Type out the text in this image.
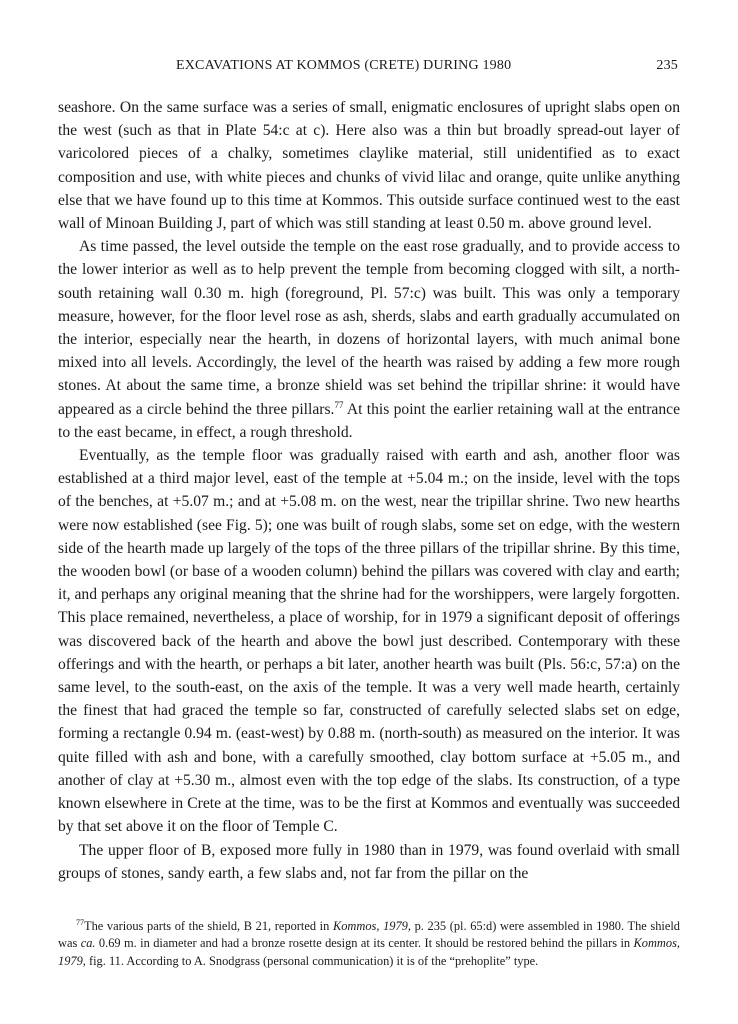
EXCAVATIONS AT KOMMOS (CRETE) DURING 1980	235

seashore. On the same surface was a series of small, enigmatic enclosures of upright slabs open on the west (such as that in Plate 54:c at c). Here also was a thin but broadly spread-out layer of varicolored pieces of a chalky, sometimes claylike material, still unidentified as to exact composition and use, with white pieces and chunks of vivid lilac and orange, quite unlike anything else that we have found up to this time at Kommos. This outside surface continued west to the east wall of Minoan Building J, part of which was still standing at least 0.50 m. above ground level.

As time passed, the level outside the temple on the east rose gradually, and to provide access to the lower interior as well as to help prevent the temple from becoming clogged with silt, a north-south retaining wall 0.30 m. high (foreground, Pl. 57:c) was built. This was only a temporary measure, however, for the floor level rose as ash, sherds, slabs and earth gradually accumulated on the interior, especially near the hearth, in dozens of horizontal layers, with much animal bone mixed into all levels. Accordingly, the level of the hearth was raised by adding a few more rough stones. At about the same time, a bronze shield was set behind the tripillar shrine: it would have appeared as a circle behind the three pillars.$^{77}$ At this point the earlier retaining wall at the entrance to the east became, in effect, a rough threshold.

Eventually, as the temple floor was gradually raised with earth and ash, another floor was established at a third major level, east of the temple at +5.04 m.; on the inside, level with the tops of the benches, at +5.07 m.; and at +5.08 m. on the west, near the tripillar shrine. Two new hearths were now established (see Fig. 5); one was built of rough slabs, some set on edge, with the western side of the hearth made up largely of the tops of the three pillars of the tripillar shrine. By this time, the wooden bowl (or base of a wooden column) behind the pillars was covered with clay and earth; it, and perhaps any original meaning that the shrine had for the worshippers, were largely forgotten. This place remained, nevertheless, a place of worship, for in 1979 a significant deposit of offerings was discovered back of the hearth and above the bowl just described. Contemporary with these offerings and with the hearth, or perhaps a bit later, another hearth was built (Pls. 56:c, 57:a) on the same level, to the south-east, on the axis of the temple. It was a very well made hearth, certainly the finest that had graced the temple so far, constructed of carefully selected slabs set on edge, forming a rectangle 0.94 m. (east-west) by 0.88 m. (north-south) as measured on the interior. It was quite filled with ash and bone, with a carefully smoothed, clay bottom surface at +5.05 m., and another of clay at +5.30 m., almost even with the top edge of the slabs. Its construction, of a type known elsewhere in Crete at the time, was to be the first at Kommos and eventually was succeeded by that set above it on the floor of Temple C.

The upper floor of B, exposed more fully in 1980 than in 1979, was found overlaid with small groups of stones, sandy earth, a few slabs and, not far from the pillar on the

$^{77}$The various parts of the shield, B 21, reported in Kommos, 1979, p. 235 (pl. 65:d) were assembled in 1980. The shield was ca. 0.69 m. in diameter and had a bronze rosette design at its center. It should be restored behind the pillars in Kommos, 1979, fig. 11. According to A. Snodgrass (personal communication) it is of the “prehoplite” type.
